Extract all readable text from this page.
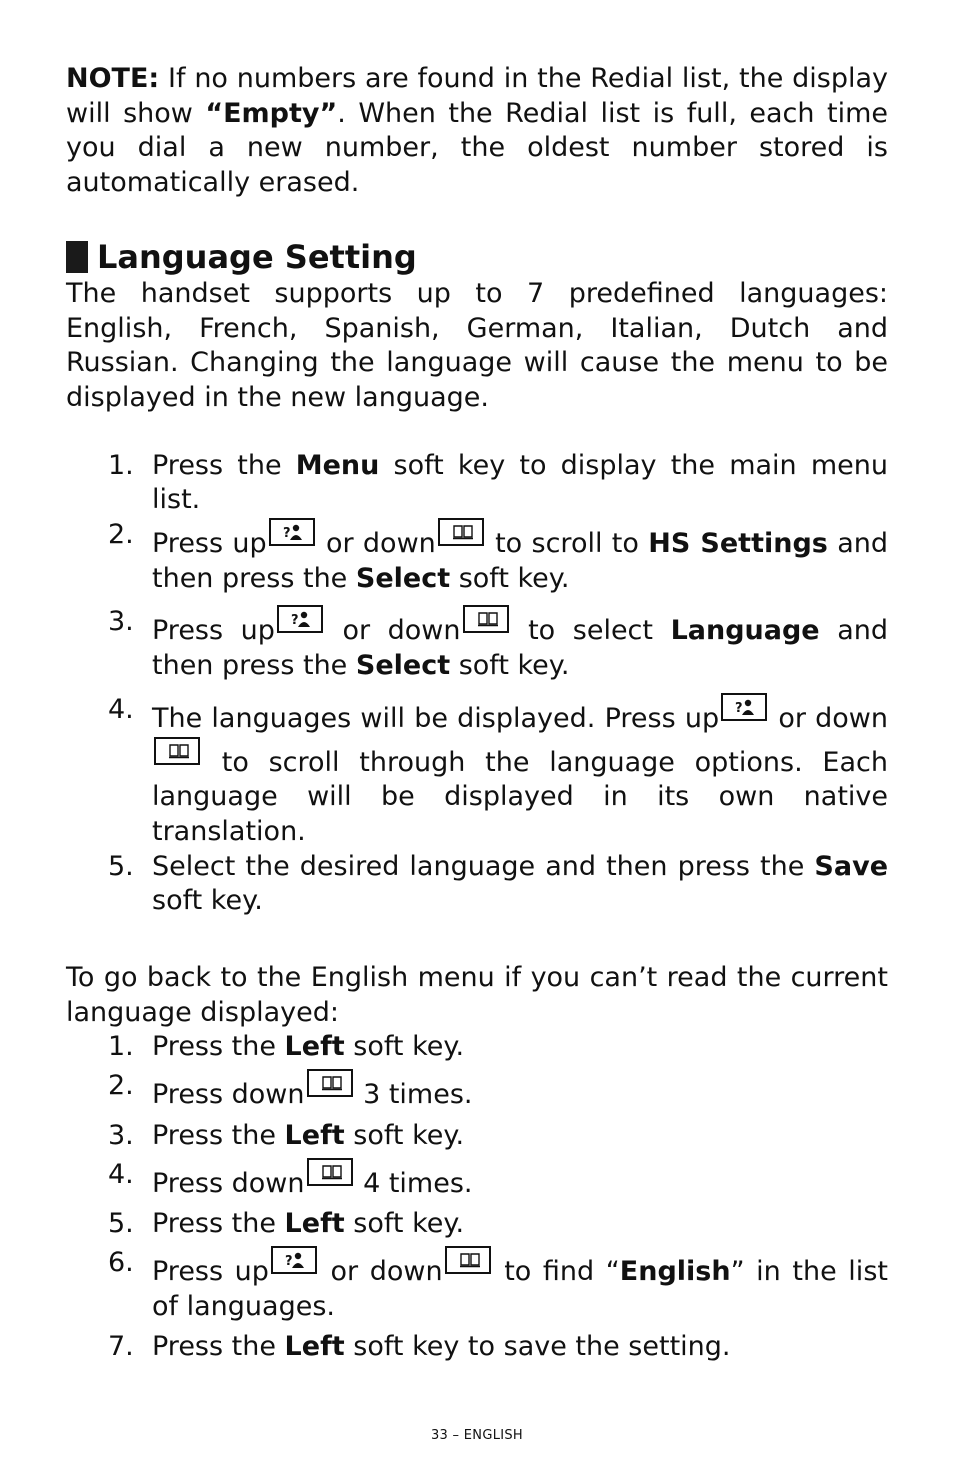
NOTE: If no numbers are found in the Redial list, the display will show “Empty”. When the Redial list is full, each time you dial a new number, the oldest number stored is automatically erased.

Language Setting

The handset supports up to 7 predefined languages: English, French, Spanish, German, Italian, Dutch and Russian. Changing the language will cause the menu to be displayed in the new language.

1. Press the Menu soft key to display the main menu list.
2. Press up ? or down
to scroll to HS Settings and then press the Select soft key.
3. Press up ? or down
to select Language and then press the Select soft key.
4. The languages will be displayed. Press up ? or down
to scroll through the language options. Each language will be displayed in its own native translation.
5. Select the desired language and then press the Save soft key.

To go back to the English menu if you can’t read the current language displayed:

1. Press the Left soft key.
2. Press down
3 times.
3. Press the Left soft key.
4. Press down
4 times.
5. Press the Left soft key.
6. Press up ? or down
to find “English” in the list of languages.
7. Press the Left soft key to save the setting.
33 – ENGLISH
